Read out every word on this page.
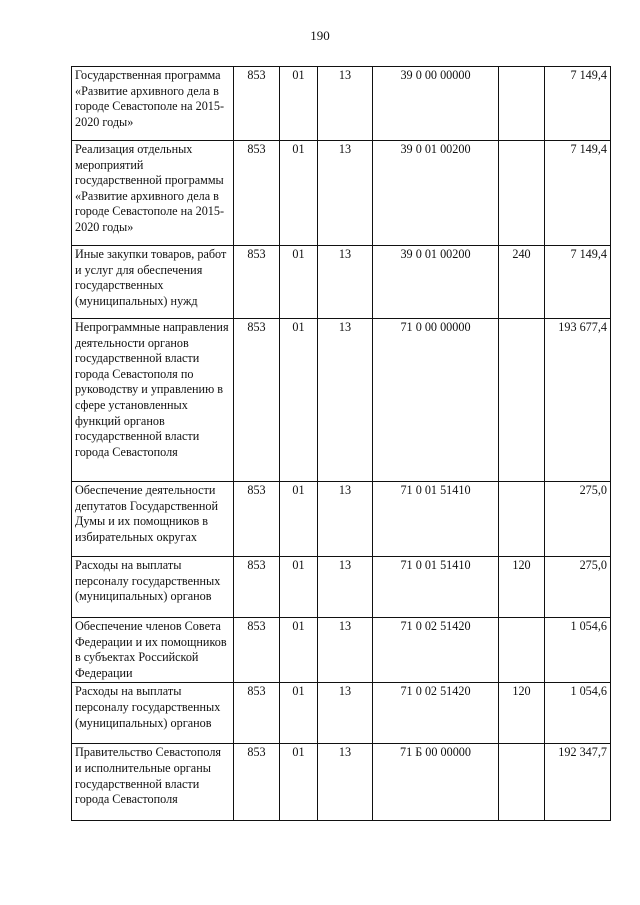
190
Государственная программа «Развитие архивного дела в городе Севастополе на 2015-2020 годы»	853	01	13	39 0 00 00000		7 149,4
Реализация отдельных мероприятий государственной программы «Развитие архивного дела в городе Севастополе на 2015-2020 годы»	853	01	13	39 0 01 00200		7 149,4
Иные закупки товаров, работ и услуг для обеспечения государственных (муниципальных) нужд	853	01	13	39 0 01 00200	240	7 149,4
Непрограммные направления деятельности органов государственной власти города Севастополя по руководству и управлению в сфере установленных функций органов государственной власти города Севастополя	853	01	13	71 0 00 00000		193 677,4
Обеспечение деятельности депутатов Государственной Думы и их помощников в избирательных округах	853	01	13	71 0 01 51410		275,0
Расходы на выплаты персоналу государственных (муниципальных) органов	853	01	13	71 0 01 51410	120	275,0
Обеспечение членов Совета Федерации и их помощников в субъектах Российской Федерации	853	01	13	71 0 02 51420		1 054,6
Расходы на выплаты персоналу государственных (муниципальных) органов	853	01	13	71 0 02 51420	120	1 054,6
Правительство Севастополя и исполнительные органы государственной власти города Севастополя	853	01	13	71 Б 00 00000		192 347,7
